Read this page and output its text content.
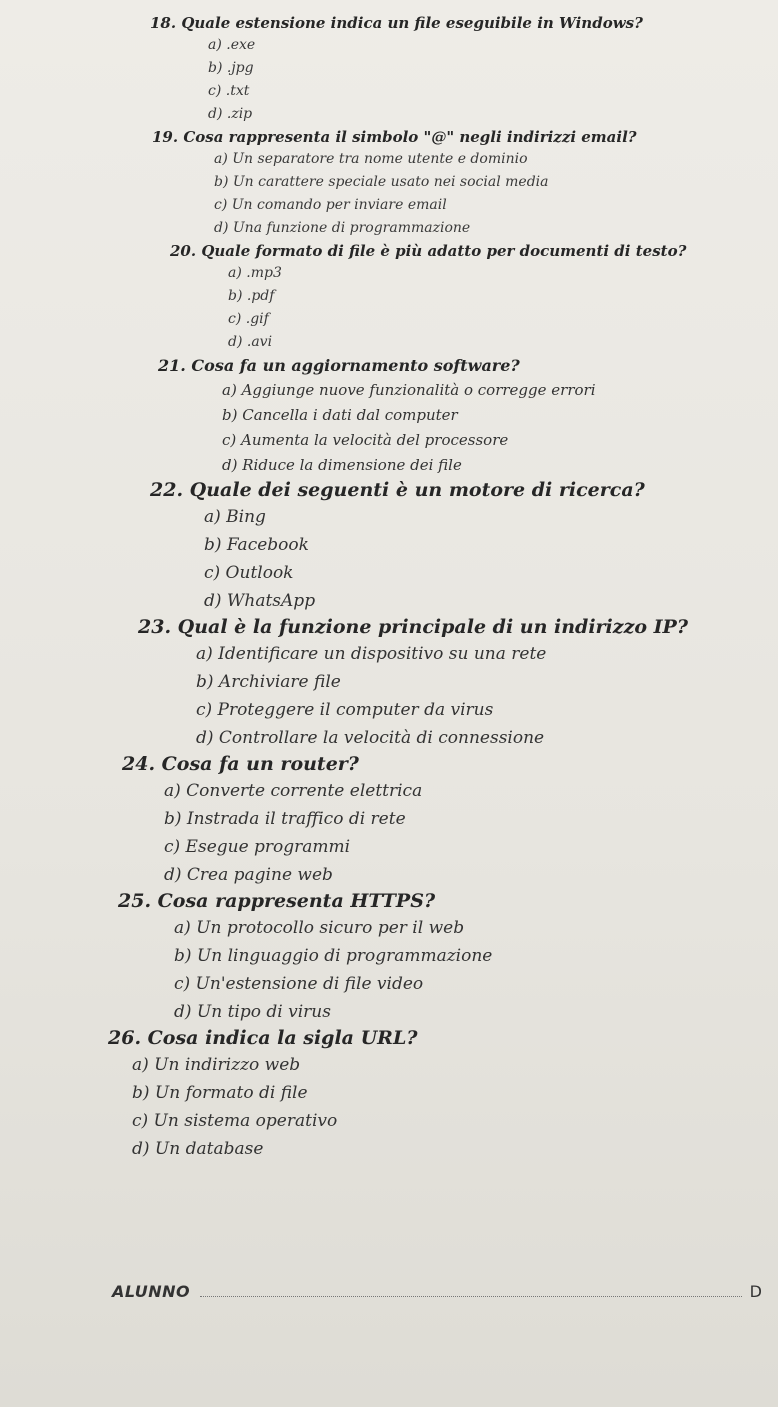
18. Quale estensione indica un file eseguibile in Windows?
a) .exe
b) .jpg
c) .txt
d) .zip
19. Cosa rappresenta il simbolo "@" negli indirizzi email?
a) Un separatore tra nome utente e dominio
b) Un carattere speciale usato nei social media
c) Un comando per inviare email
d) Una funzione di programmazione
20. Quale formato di file è più adatto per documenti di testo?
a) .mp3
b) .pdf
c) .gif
d) .avi
21. Cosa fa un aggiornamento software?
a) Aggiunge nuove funzionalità o corregge errori
b) Cancella i dati dal computer
c) Aumenta la velocità del processore
d) Riduce la dimensione dei file
22. Quale dei seguenti è un motore di ricerca?
a) Bing
b) Facebook
c) Outlook
d) WhatsApp
23. Qual è la funzione principale di un indirizzo IP?
a) Identificare un dispositivo su una rete
b) Archiviare file
c) Proteggere il computer da virus
d) Controllare la velocità di connessione
24. Cosa fa un router?
a) Converte corrente elettrica
b) Instrada il traffico di rete
c) Esegue programmi
d) Crea pagine web
25. Cosa rappresenta HTTPS?
a) Un protocollo sicuro per il web
b) Un linguaggio di programmazione
c) Un'estensione di file video
d) Un tipo di virus
26. Cosa indica la sigla URL?
a) Un indirizzo web
b) Un formato di file
c) Un sistema operativo
d) Un database
ALUNNO	D
